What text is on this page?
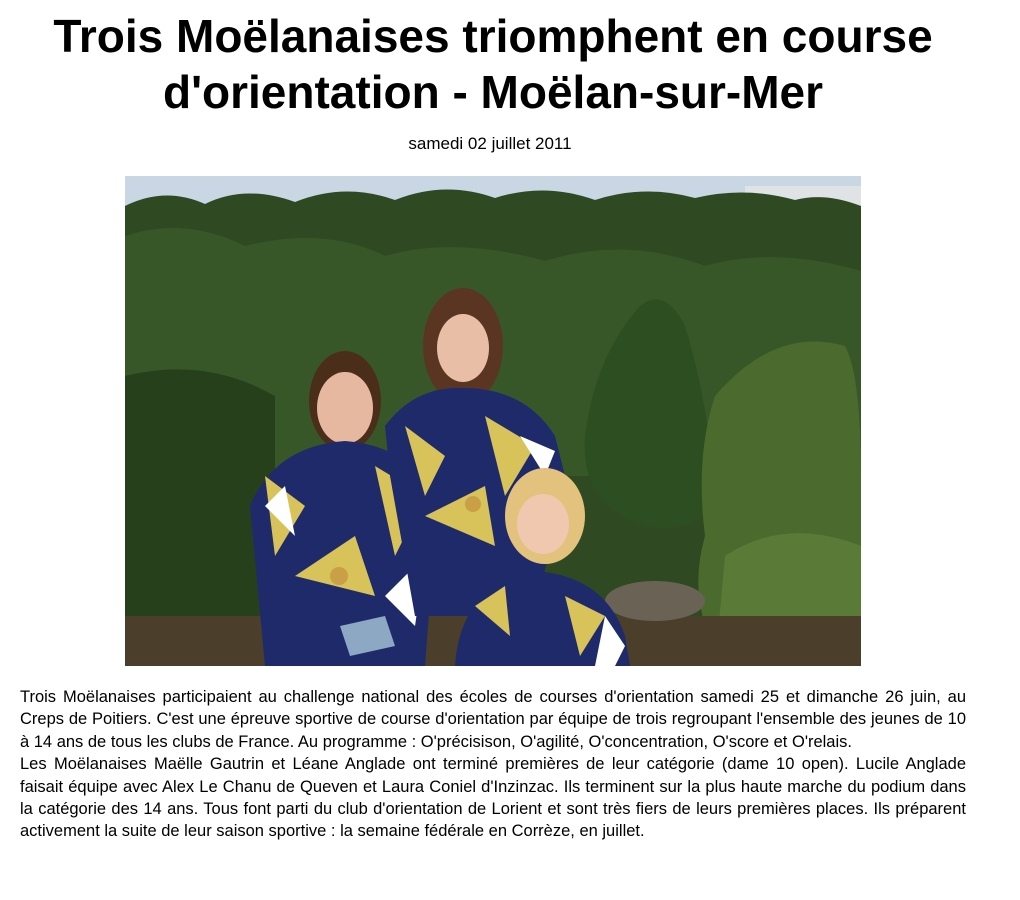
Trois Moëlanaises triomphent en course d'orientation - Moëlan-sur-Mer
samedi 02 juillet 2011

Trois Moëlanaises participaient au challenge national des écoles de courses d'orientation samedi 25 et dimanche 26 juin, au Creps de Poitiers. C'est une épreuve sportive de course d'orientation par équipe de trois regroupant l'ensemble des jeunes de 10 à 14 ans de tous les clubs de France. Au programme : O'précisison, O'agilité, O'concentration, O'score et O'relais.

Les Moëlanaises Maëlle Gautrin et Léane Anglade ont terminé premières de leur catégorie (dame 10 open). Lucile Anglade faisait équipe avec Alex Le Chanu de Queven et Laura Coniel d'Inzinzac. Ils terminent sur la plus haute marche du podium dans la catégorie des 14 ans. Tous font parti du club d'orientation de Lorient et sont très fiers de leurs premières places. Ils préparent activement la suite de leur saison sportive : la semaine fédérale en Corrèze, en juillet.
